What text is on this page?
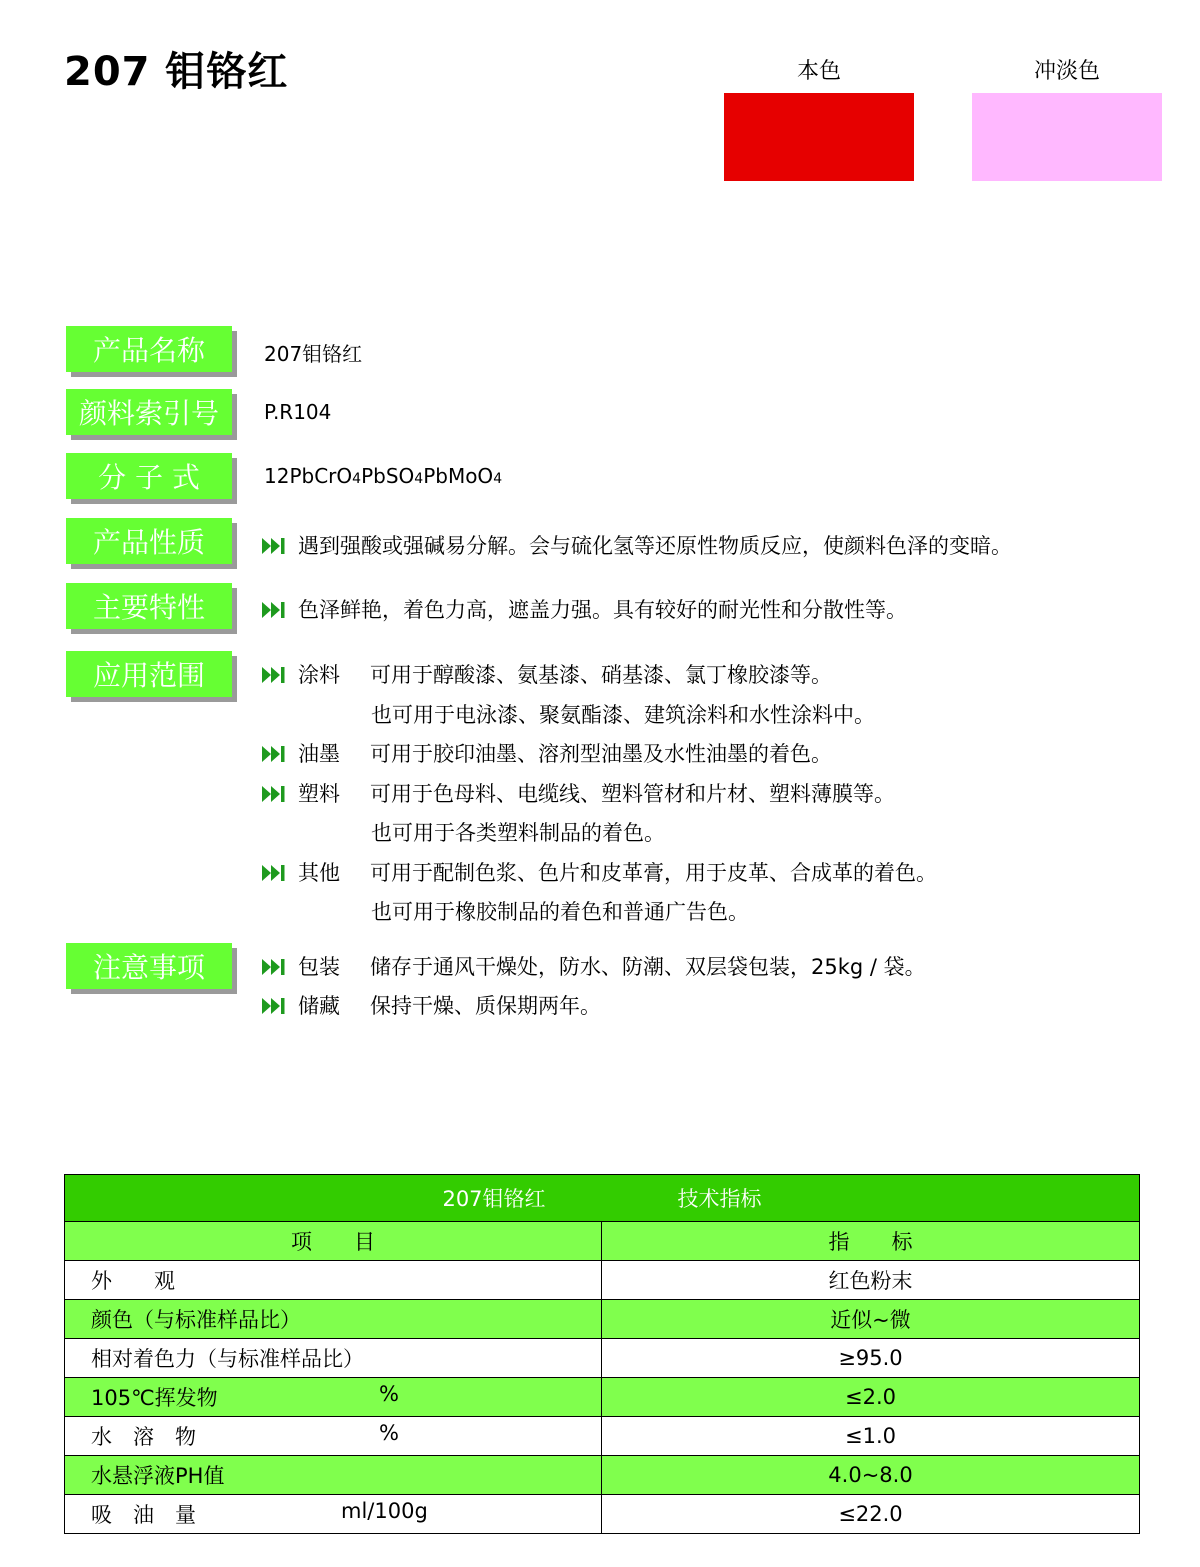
207 钼铬红	本色	冲淡色
产品名称	207钼铬红
颜料索引号	P.R104
分 子 式	12PbCrO4PbSO4PbMoO4
产品性质	遇到强酸或强碱易分解。会与硫化氢等还原性物质反应，使颜料色泽的变暗。
主要特性	色泽鲜艳，着色力高，遮盖力强。具有较好的耐光性和分散性等。
应用范围	涂料 可用于醇酸漆、氨基漆、硝基漆、氯丁橡胶漆等。
也可用于电泳漆、聚氨酯漆、建筑涂料和水性涂料中。
油墨 可用于胶印油墨、溶剂型油墨及水性油墨的着色。
塑料 可用于色母料、电缆线、塑料管材和片材、塑料薄膜等。
也可用于各类塑料制品的着色。
其他 可用于配制色浆、色片和皮革膏，用于皮革、合成革的着色。
也可用于橡胶制品的着色和普通广告色。
注意事项	包装 储存于通风干燥处，防水、防潮、双层袋包装，25kg / 袋。
储藏 保持干燥、质保期两年。
207钼铬红 技术指标	
项　　目	指　　标
外　　观	红色粉末
颜色（与标准样品比）	近似~微
相对着色力（与标准样品比）	≥95.0
105℃挥发物 %	≤2.0
水　溶　物 %	≤1.0
水悬浮液PH值	4.0~8.0
吸　油　量 ml/100g	≤22.0
